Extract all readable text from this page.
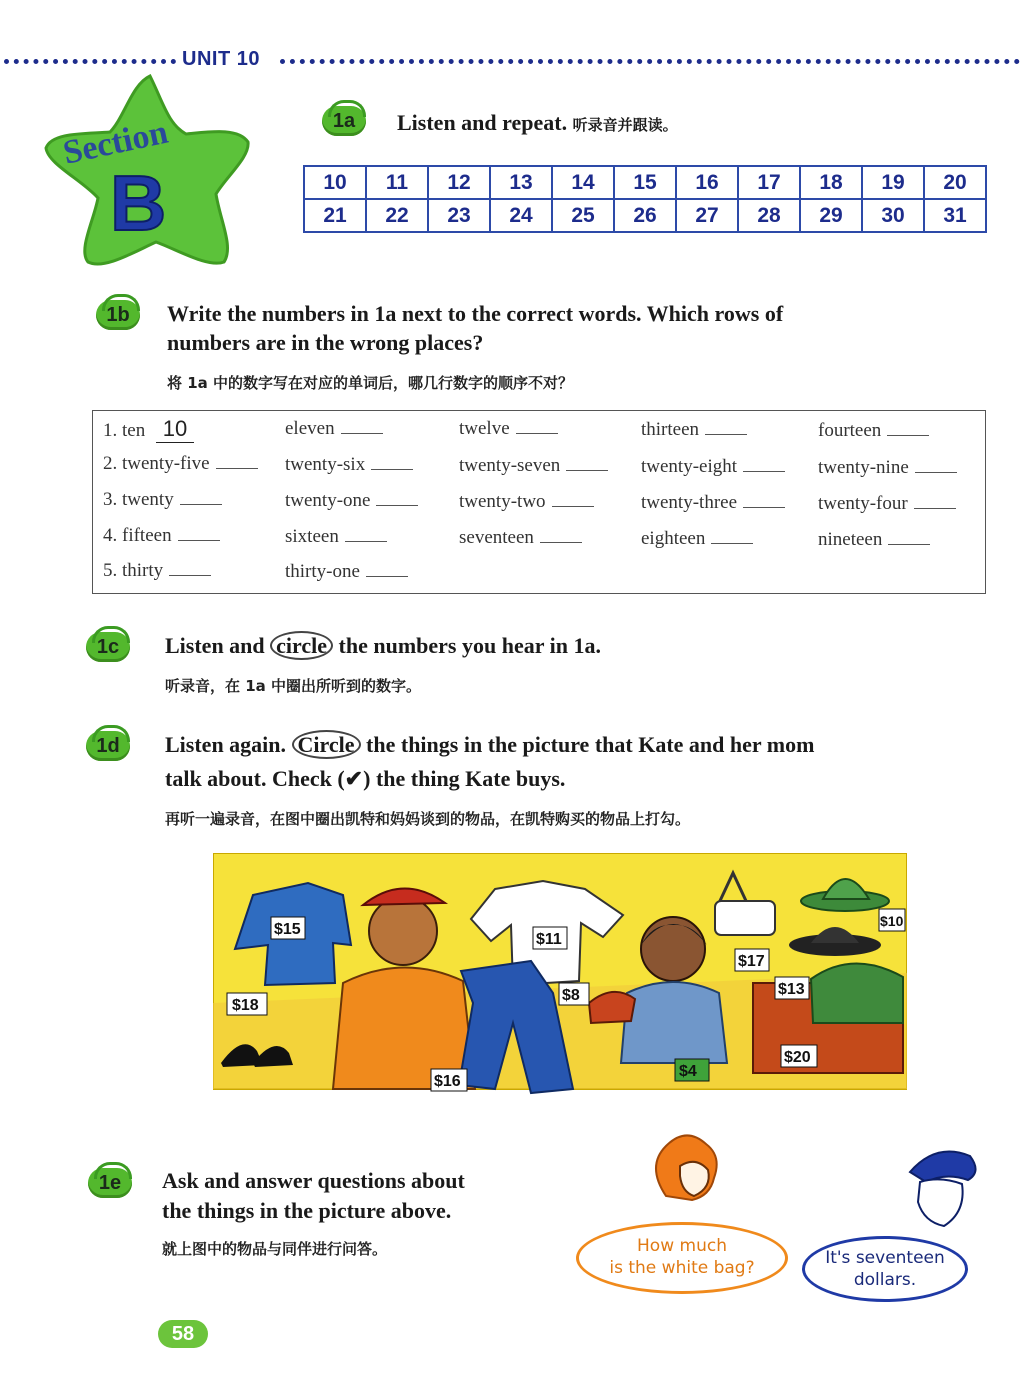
UNIT 10
Section
B
1a	Listen and repeat. 听录音并跟读。
10	11	12	13	14	15	16	17	18	19	20
21	22	23	24	25	26	27	28	29	30	31
1b	Write the numbers in 1a next to the correct words. Which rows of
numbers are in the wrong places?
将 1a 中的数字写在对应的单词后，哪几行数字的顺序不对？
1. ten 10	eleven	twelve	thirteen	fourteen
2. twenty-five	twenty-six	twenty-seven	twenty-eight	twenty-nine
3. twenty	twenty-one	twenty-two	twenty-three	twenty-four
4. fifteen	sixteen	seventeen	eighteen	nineteen
5. thirty	thirty-one
1c	Listen and circle the numbers you hear in 1a.
听录音，在 1a 中圈出所听到的数字。
1d	Listen again. Circle the things in the picture that Kate and her mom
talk about. Check (✔) the thing Kate buys.
再听一遍录音，在图中圈出凯特和妈妈谈到的物品，在凯特购买的物品上打勾。
$15
$11
$17
$10
$18
$8	$13
$20
$16
$4
1e	Ask and answer questions about
the things in the picture above.
就上图中的物品与同伴进行问答。	How much
is the white bag?	It's seventeen
dollars.
58
